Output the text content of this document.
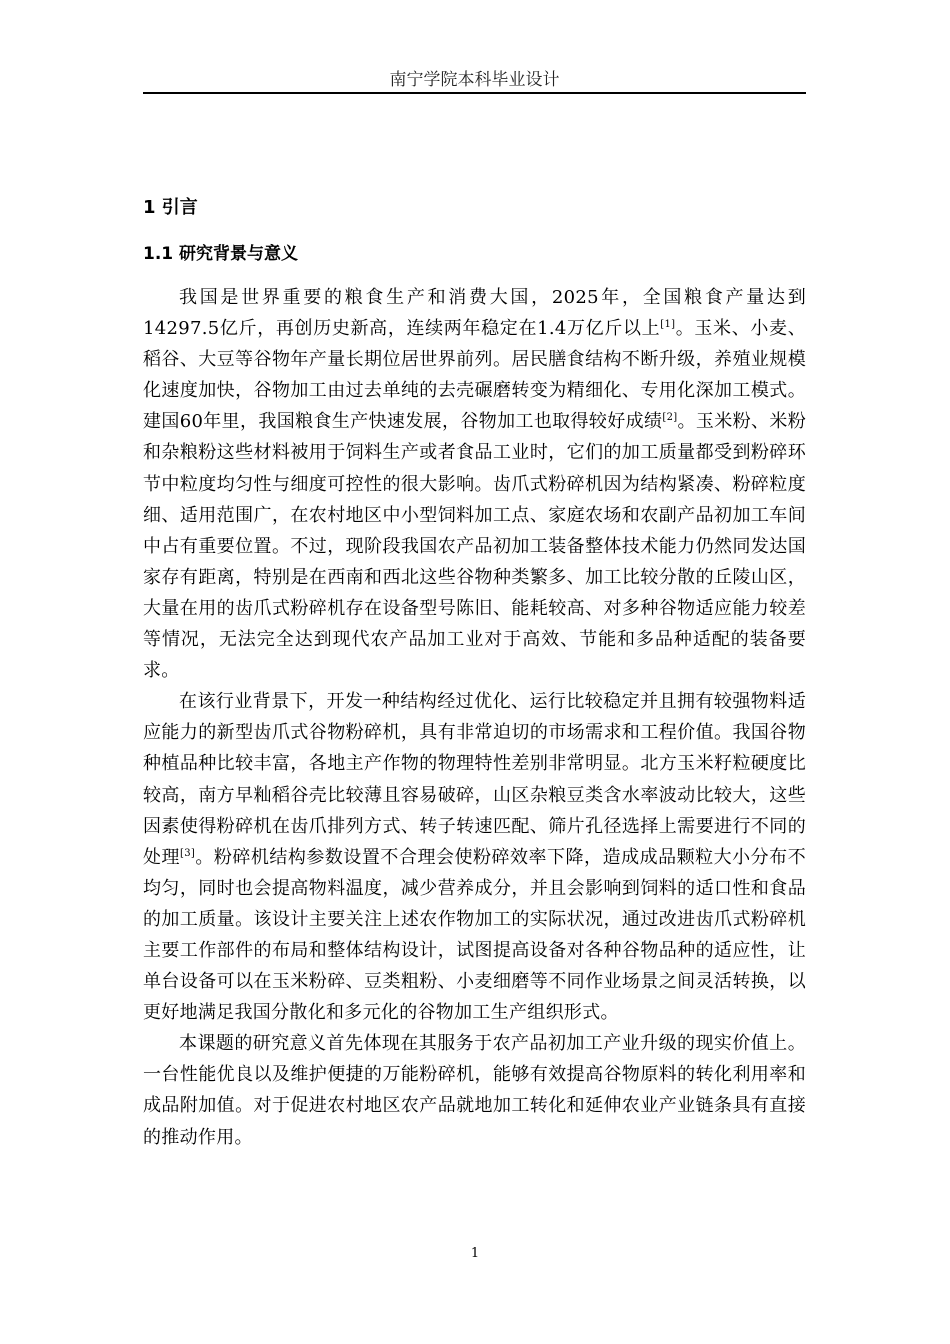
南宁学院本科毕业设计
1 引言
1.1 研究背景与意义

我国是世界重要的粮食生产和消费大国，2025年，全国粮食产量达到14297.5亿斤，再创历史新高，连续两年稳定在1.4万亿斤以上[1]。玉米、小麦、稻谷、大豆等谷物年产量长期位居世界前列。居民膳食结构不断升级，养殖业规模化速度加快，谷物加工由过去单纯的去壳碾磨转变为精细化、专用化深加工模式。建国60年里，我国粮食生产快速发展，谷物加工也取得较好成绩[2]。玉米粉、米粉和杂粮粉这些材料被用于饲料生产或者食品工业时，它们的加工质量都受到粉碎环节中粒度均匀性与细度可控性的很大影响。齿爪式粉碎机因为结构紧凑、粉碎粒度细、适用范围广，在农村地区中小型饲料加工点、家庭农场和农副产品初加工车间中占有重要位置。不过，现阶段我国农产品初加工装备整体技术能力仍然同发达国家存有距离，特别是在西南和西北这些谷物种类繁多、加工比较分散的丘陵山区，大量在用的齿爪式粉碎机存在设备型号陈旧、能耗较高、对多种谷物适应能力较差等情况，无法完全达到现代农产品加工业对于高效、节能和多品种适配的装备要求。

在该行业背景下，开发一种结构经过优化、运行比较稳定并且拥有较强物料适应能力的新型齿爪式谷物粉碎机，具有非常迫切的市场需求和工程价值。我国谷物种植品种比较丰富，各地主产作物的物理特性差别非常明显。北方玉米籽粒硬度比较高，南方早籼稻谷壳比较薄且容易破碎，山区杂粮豆类含水率波动比较大，这些因素使得粉碎机在齿爪排列方式、转子转速匹配、筛片孔径选择上需要进行不同的处理[3]。粉碎机结构参数设置不合理会使粉碎效率下降，造成成品颗粒大小分布不均匀，同时也会提高物料温度，减少营养成分，并且会影响到饲料的适口性和食品的加工质量。该设计主要关注上述农作物加工的实际状况，通过改进齿爪式粉碎机主要工作部件的布局和整体结构设计，试图提高设备对各种谷物品种的适应性，让单台设备可以在玉米粉碎、豆类粗粉、小麦细磨等不同作业场景之间灵活转换，以更好地满足我国分散化和多元化的谷物加工生产组织形式。

本课题的研究意义首先体现在其服务于农产品初加工产业升级的现实价值上。一台性能优良以及维护便捷的万能粉碎机，能够有效提高谷物原料的转化利用率和成品附加值。对于促进农村地区农产品就地加工转化和延伸农业产业链条具有直接的推动作用。

1
